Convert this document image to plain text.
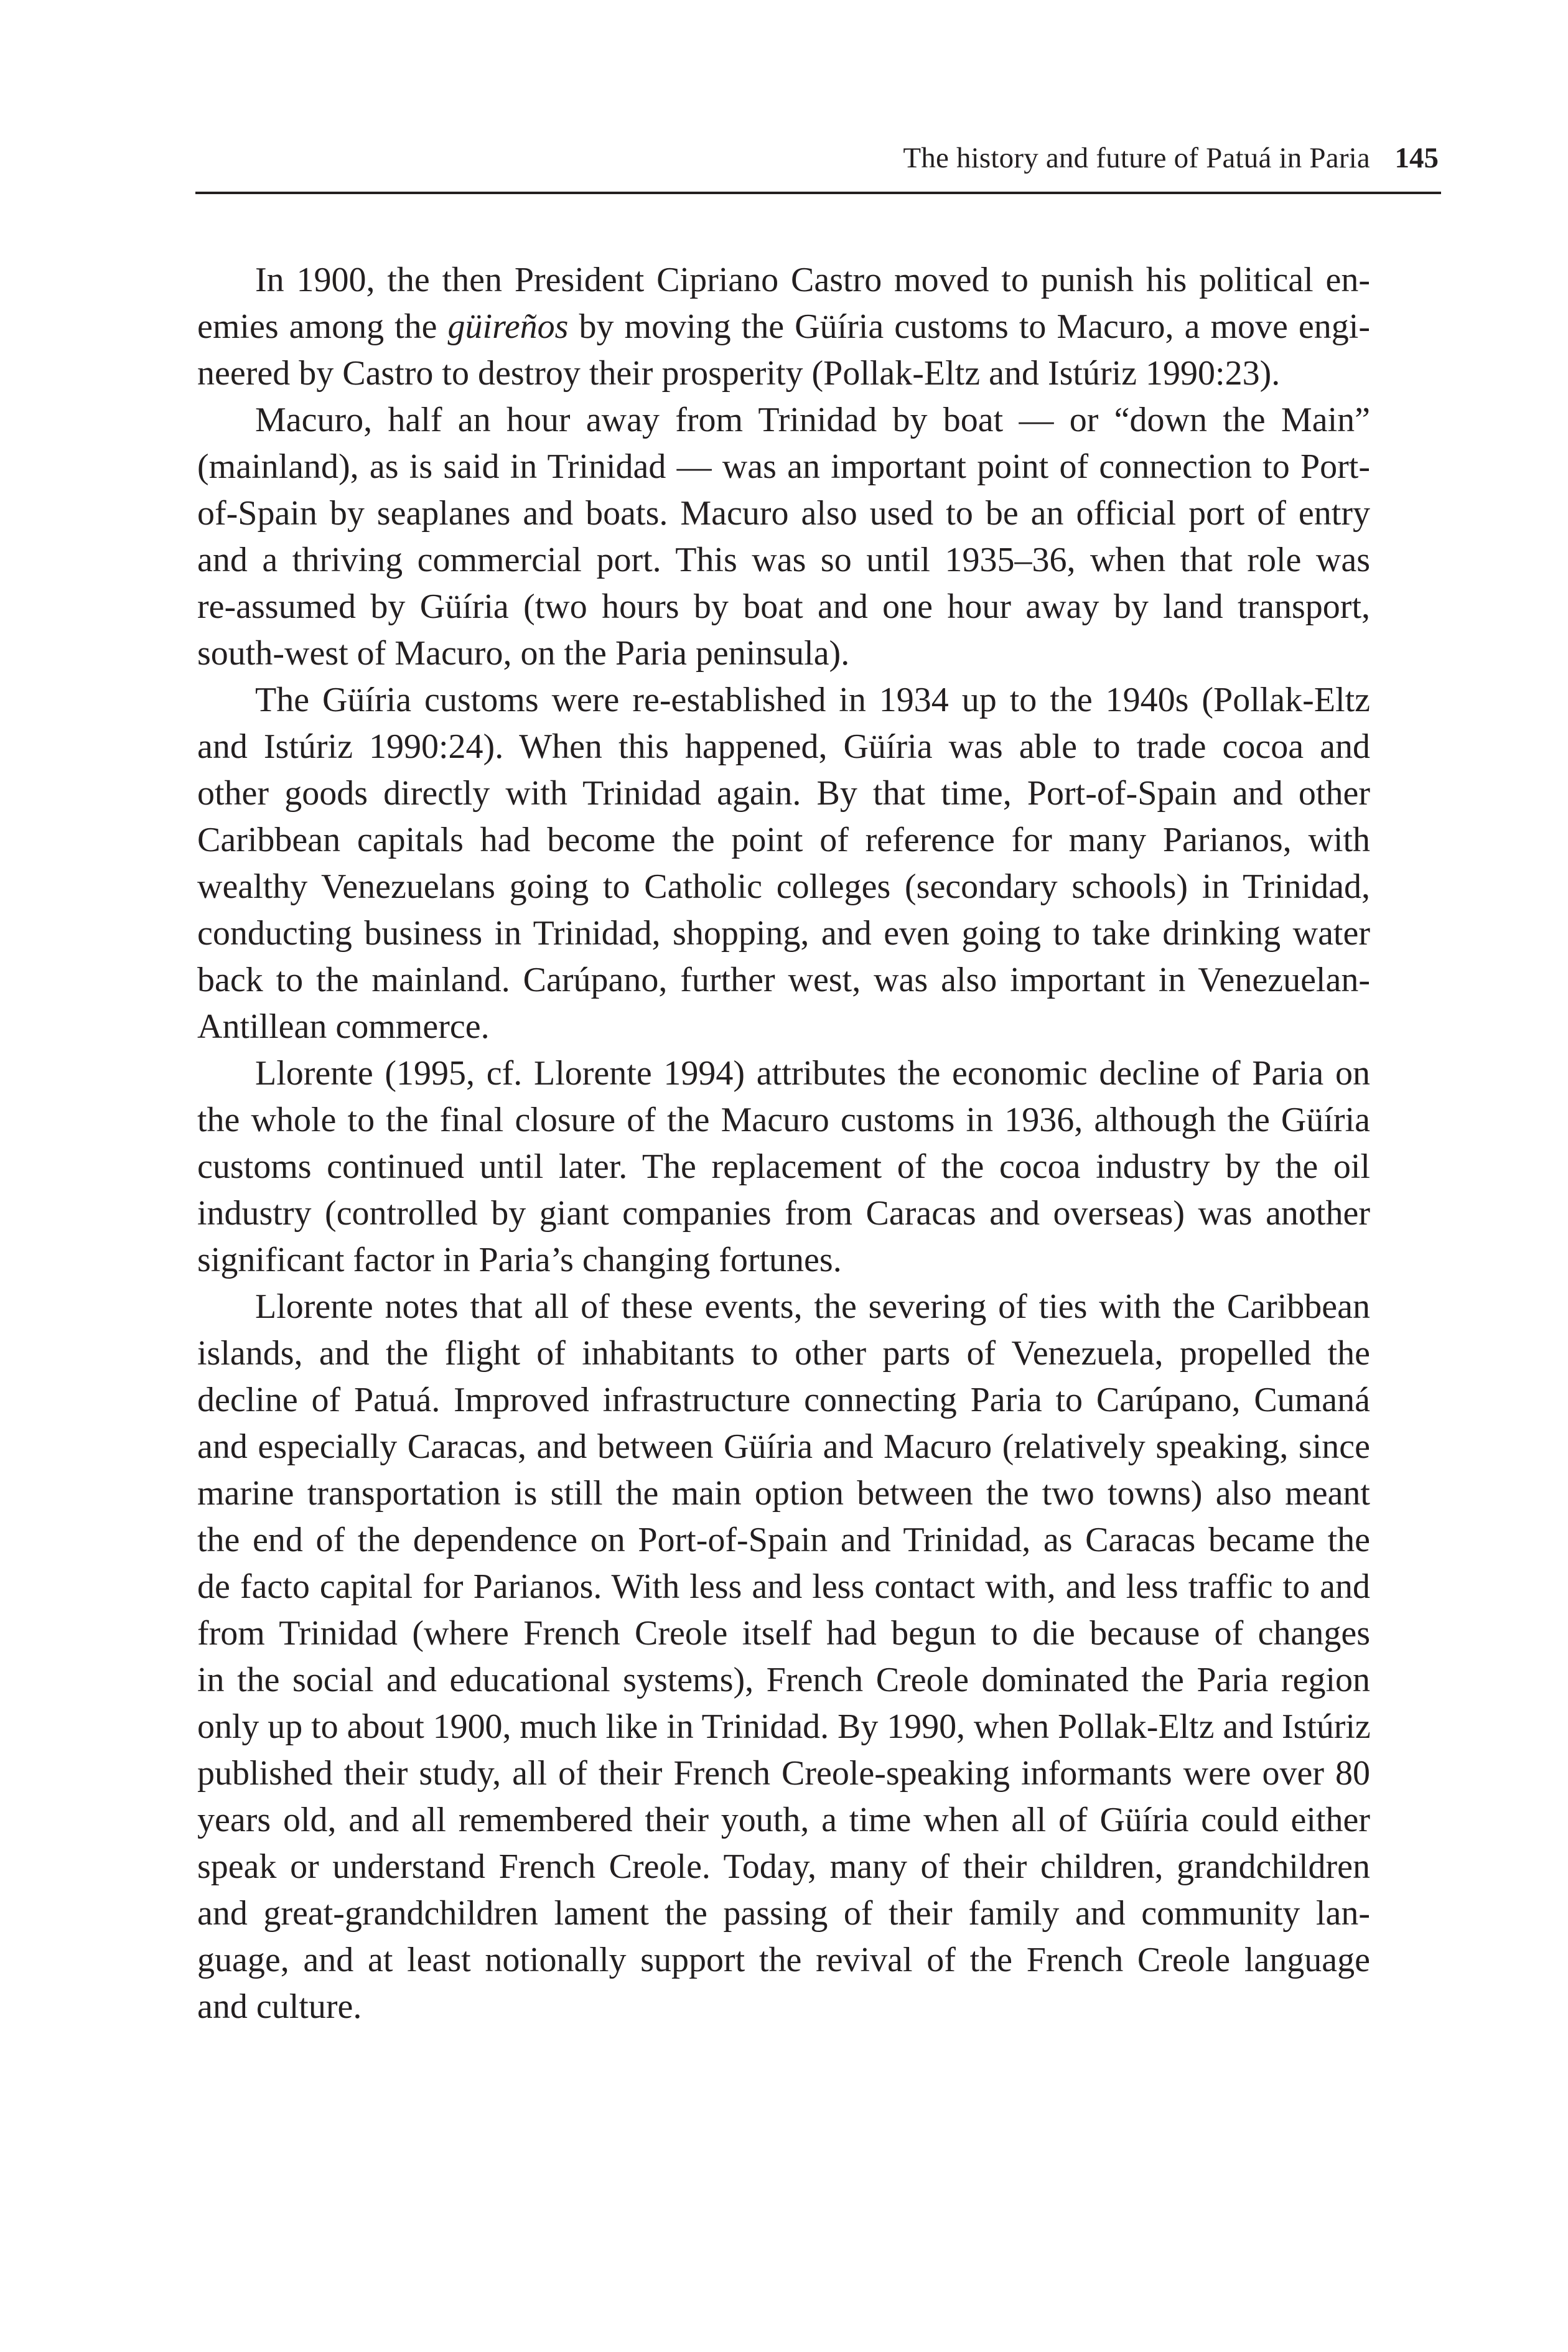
The history and future of Patuá in Paria 145
In 1900, the then President Cipriano Castro moved to punish his political en-
emies among the güireños by moving the Güíria customs to Macuro, a move engi-
neered by Castro to destroy their prosperity (Pollak-Eltz and Istúriz 1990:23).
Macuro, half an hour away from Trinidad by boat — or “down the Main”
(mainland), as is said in Trinidad — was an important point of connection to Port-
of-Spain by seaplanes and boats. Macuro also used to be an official port of entry
and a thriving commercial port. This was so until 1935–36, when that role was
re-assumed by Güíria (two hours by boat and one hour away by land transport,
south-west of Macuro, on the Paria peninsula).
The Güíria customs were re-established in 1934 up to the 1940s (Pollak-Eltz
and Istúriz 1990:24). When this happened, Güíria was able to trade cocoa and
other goods directly with Trinidad again. By that time, Port-of-Spain and other
Caribbean capitals had become the point of reference for many Parianos, with
wealthy Venezuelans going to Catholic colleges (secondary schools) in Trinidad,
conducting business in Trinidad, shopping, and even going to take drinking water
back to the mainland. Carúpano, further west, was also important in Venezuelan-
Antillean commerce.
Llorente (1995, cf. Llorente 1994) attributes the economic decline of Paria on
the whole to the final closure of the Macuro customs in 1936, although the Güíria
customs continued until later. The replacement of the cocoa industry by the oil
industry (controlled by giant companies from Caracas and overseas) was another
significant factor in Paria’s changing fortunes.
Llorente notes that all of these events, the severing of ties with the Caribbean
islands, and the flight of inhabitants to other parts of Venezuela, propelled the
decline of Patuá. Improved infrastructure connecting Paria to Carúpano, Cumaná
and especially Caracas, and between Güíria and Macuro (relatively speaking, since
marine transportation is still the main option between the two towns) also meant
the end of the dependence on Port-of-Spain and Trinidad, as Caracas became the
de facto capital for Parianos. With less and less contact with, and less traffic to and
from Trinidad (where French Creole itself had begun to die because of changes
in the social and educational systems), French Creole dominated the Paria region
only up to about 1900, much like in Trinidad. By 1990, when Pollak-Eltz and Istúriz
published their study, all of their French Creole-speaking informants were over 80
years old, and all remembered their youth, a time when all of Güíria could either
speak or understand French Creole. Today, many of their children, grandchildren
and great-grandchildren lament the passing of their family and community lan-
guage, and at least notionally support the revival of the French Creole language
and culture.
